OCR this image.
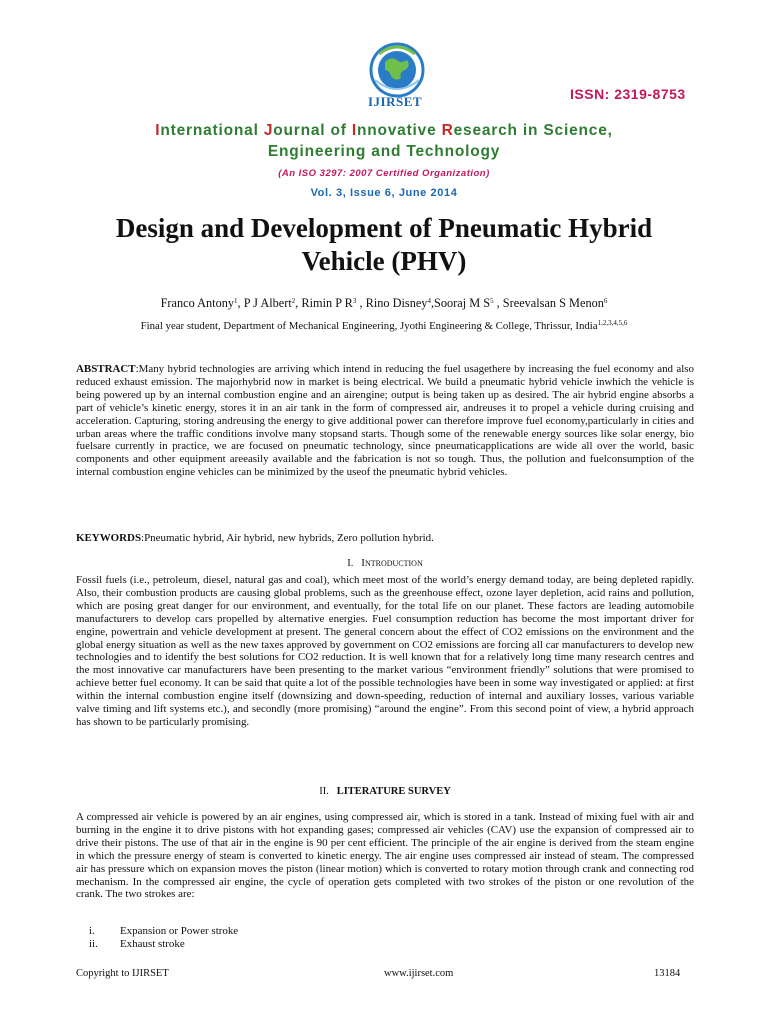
IJIRSET	ISSN: 2319-8753
International Journal of Innovative Research in Science,
Engineering and Technology
(An ISO 3297: 2007 Certified Organization)
Vol. 3, Issue 6, June 2014
Design and Development of Pneumatic Hybrid
Vehicle (PHV)
Franco Antony$^1$, P J Albert$^2$, Rimin P $R^3$ , Rino Disney$^4$,Sooraj M $S^5$ , Sreevalsan S Menon$^6$
Final year student, Department of Mechanical Engineering, Jyothi Engineering & College, Thrissur, India$^{1,2,3,4,5,6}$
ABSTRACT:Many hybrid technologies are arriving which intend in reducing the fuel usagethere by increasing the fuel economy and also reduced exhaust emission. The majorhybrid now in market is being electrical. We build a pneumatic hybrid vehicle inwhich the vehicle is being powered up by an internal combustion engine and an airengine; output is being taken up as desired. The air hybrid engine absorbs a part of vehicle’s kinetic energy, stores it in an air tank in the form of compressed air, andreuses it to propel a vehicle during cruising and acceleration. Capturing, storing andreusing the energy to give additional power can therefore improve fuel economy,particularly in cities and urban areas where the traffic conditions involve many stopsand starts. Though some of the renewable energy sources like solar energy, bio fuelsare currently in practice, we are focused on pneumatic technology, since pneumaticapplications are wide all over the world, basic components and other equipment areeasily available and the fabrication is not so tough. Thus, the pollution and fuelconsumption of the internal combustion engine vehicles can be minimized by the useof the pneumatic hybrid vehicles.
KEYWORDS:Pneumatic hybrid, Air hybrid, new hybrids, Zero pollution hybrid.
I. Introduction
Fossil fuels (i.e., petroleum, diesel, natural gas and coal), which meet most of the world’s energy demand today, are being depleted rapidly. Also, their combustion products are causing global problems, such as the greenhouse effect, ozone layer depletion, acid rains and pollution, which are posing great danger for our environment, and eventually, for the total life on our planet. These factors are leading automobile manufacturers to develop cars propelled by alternative energies. Fuel consumption reduction has become the most important driver for engine, powertrain and vehicle development at present. The general concern about the effect of CO2 emissions on the environment and the global energy situation as well as the new taxes approved by government on CO2 emissions are forcing all car manufacturers to develop new technologies and to identify the best solutions for CO2 reduction. It is well known that for a relatively long time many research centres and the most innovative car manufacturers have been presenting to the market various “environment friendly” solutions that were promised to achieve better fuel economy. It can be said that quite a lot of the possible technologies have been in some way investigated or applied: at first within the internal combustion engine itself (downsizing and down-speeding, reduction of internal and auxiliary losses, various variable valve timing and lift systems etc.), and secondly (more promising) “around the engine”. From this second point of view, a hybrid approach has shown to be particularly promising.
II. LITERATURE SURVEY
A compressed air vehicle is powered by an air engines, using compressed air, which is stored in a tank. Instead of mixing fuel with air and burning in the engine it to drive pistons with hot expanding gases; compressed air vehicles (CAV) use the expansion of compressed air to drive their pistons. The use of that air in the engine is 90 per cent efficient. The principle of the air engine is derived from the steam engine in which the pressure energy of steam is converted to kinetic energy. The air engine uses compressed air instead of steam. The compressed air has pressure which on expansion moves the piston (linear motion) which is converted to rotary motion through crank and connecting rod mechanism. In the compressed air engine, the cycle of operation gets completed with two strokes of the piston or one revolution of the crank. The two strokes are:
i.	Expansion or Power stroke
ii.	Exhaust stroke
Copyright to IJIRSET	www.ijirset.com	13184
